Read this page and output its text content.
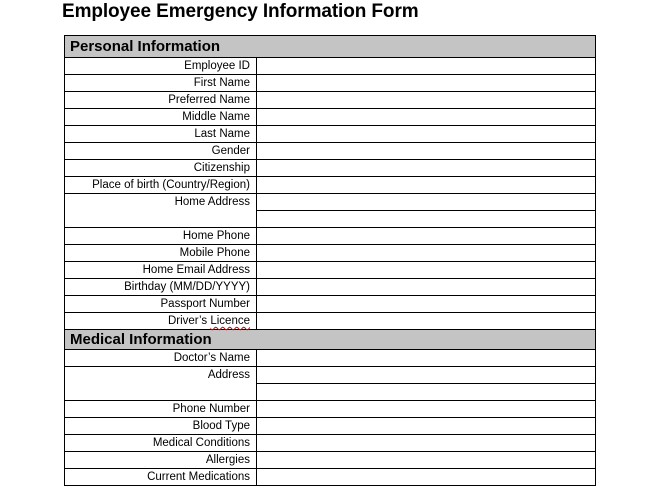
Employee Emergency Information Form
Personal Information
Employee ID
First Name
Preferred Name
Middle Name
Last Name
Gender
Citizenship
Place of birth (Country/Region)
Home Address
Home Phone
Mobile Phone
Home Email Address
Birthday (MM/DD/YYYY)
Passport Number
Driver’s Licence
Medical Information
Doctor’s Name
Address
Phone Number
Blood Type
Medical Conditions
Allergies
Current Medications
